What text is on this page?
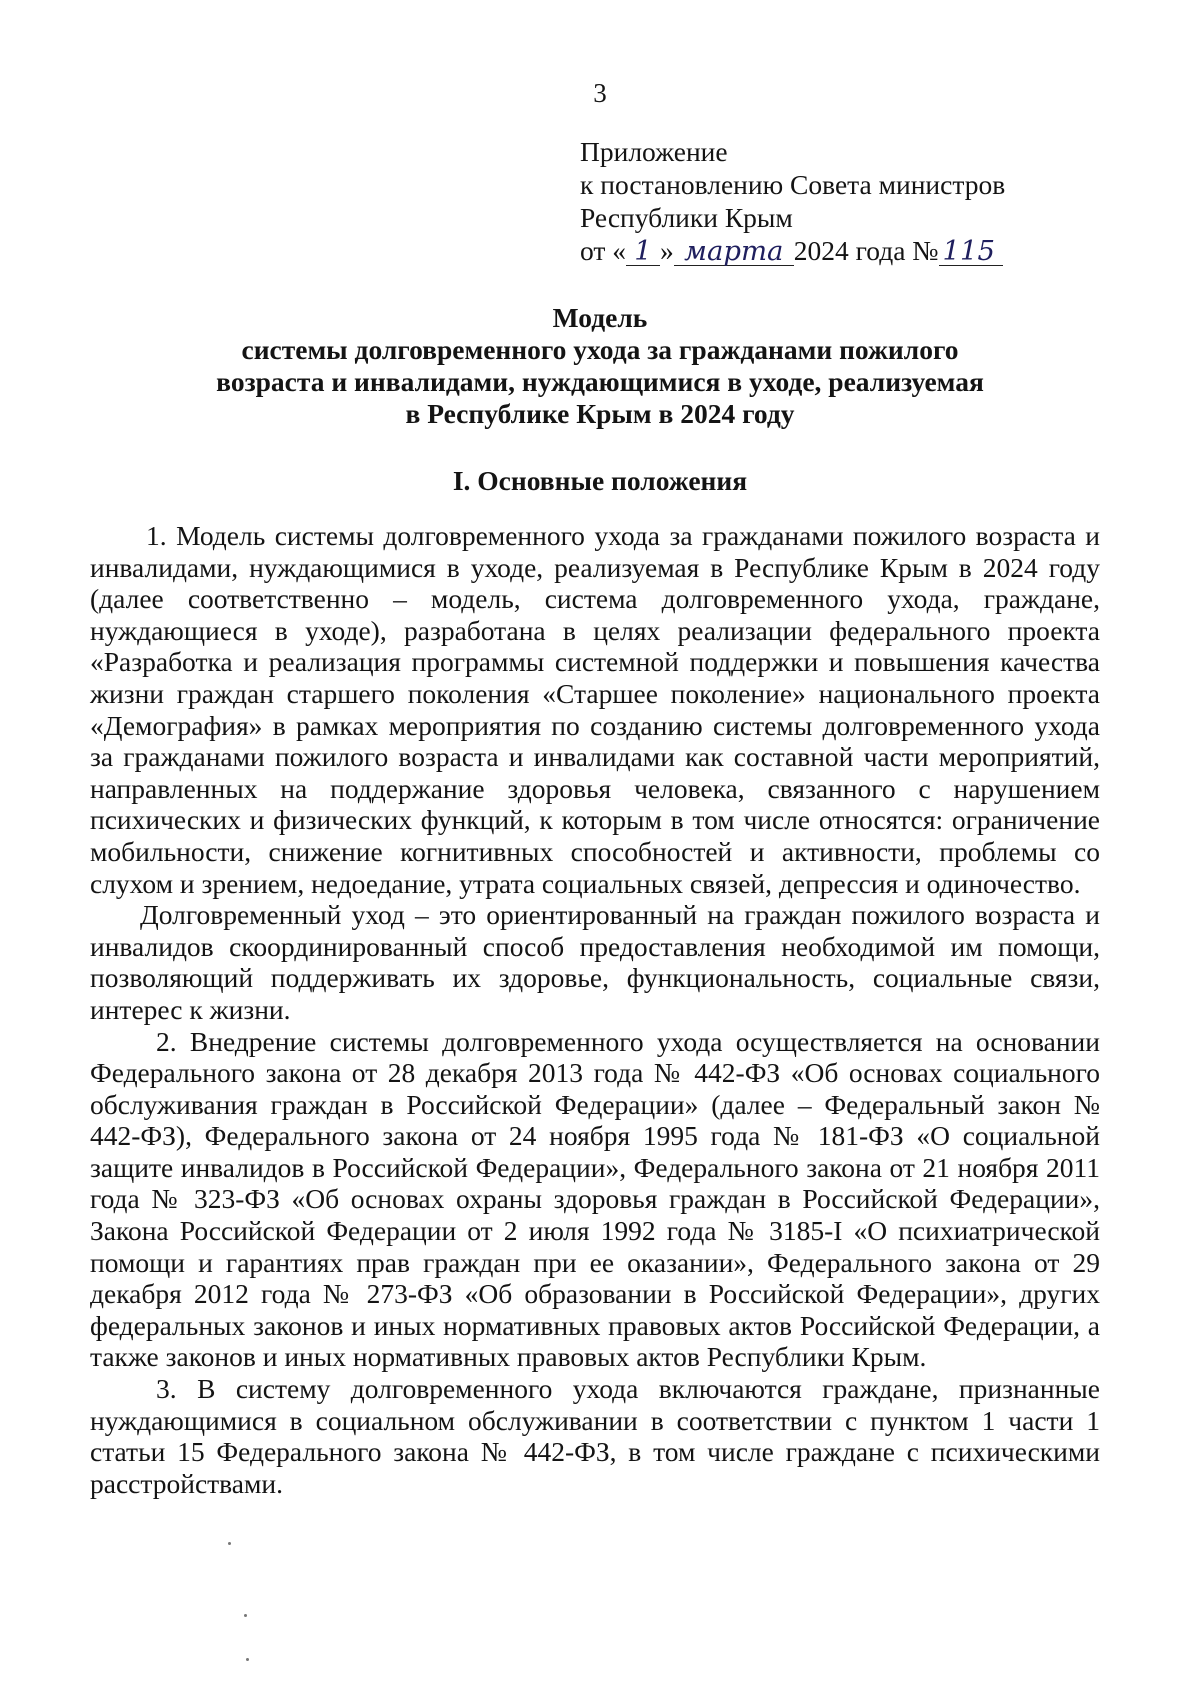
3
Приложение
к постановлению Совета министров
Республики Крым
от « 1 » марта 2024 года № 115
Модель
системы долговременного ухода за гражданами пожилого
возраста и инвалидами, нуждающимися в уходе, реализуемая
в Республике Крым в 2024 году
I. Основные положения

1. Модель системы долговременного ухода за гражданами пожилого возраста и инвалидами, нуждающимися в уходе, реализуемая в Республике Крым в 2024 году (далее соответственно – модель, система долговременного ухода, граждане, нуждающиеся в уходе), разработана в целях реализации федерального проекта «Разработка и реализация программы системной поддержки и повышения качества жизни граждан старшего поколения «Старшее поколение» национального проекта «Демография» в рамках мероприятия по созданию системы долговременного ухода за гражданами пожилого возраста и инвалидами как составной части мероприятий, направленных на поддержание здоровья человека, связанного с нарушением психических и физических функций, к которым в том числе относятся: ограничение мобильности, снижение когнитивных способностей и активности, проблемы со слухом и зрением, недоедание, утрата социальных связей, депрессия и одиночество.

Долговременный уход – это ориентированный на граждан пожилого возраста и инвалидов скоординированный способ предоставления необходимой им помощи, позволяющий поддерживать их здоровье, функциональность, социальные связи, интерес к жизни.

2. Внедрение системы долговременного ухода осуществляется на основании Федерального закона от 28 декабря 2013 года № 442-ФЗ «Об основах социального обслуживания граждан в Российской Федерации» (далее – Федеральный закон № 442-ФЗ), Федерального закона от 24 ноября 1995 года № 181-ФЗ «О социальной защите инвалидов в Российской Федерации», Федерального закона от 21 ноября 2011 года № 323-ФЗ «Об основах охраны здоровья граждан в Российской Федерации», Закона Российской Федерации от 2 июля 1992 года № 3185-I «О психиатрической помощи и гарантиях прав граждан при ее оказании», Федерального закона от 29 декабря 2012 года № 273-ФЗ «Об образовании в Российской Федерации», других федеральных законов и иных нормативных правовых актов Российской Федерации, а также законов и иных нормативных правовых актов Республики Крым.

3. В систему долговременного ухода включаются граждане, признанные нуждающимися в социальном обслуживании в соответствии с пунктом 1 части 1 статьи 15 Федерального закона № 442-ФЗ, в том числе граждане с психическими расстройствами.
